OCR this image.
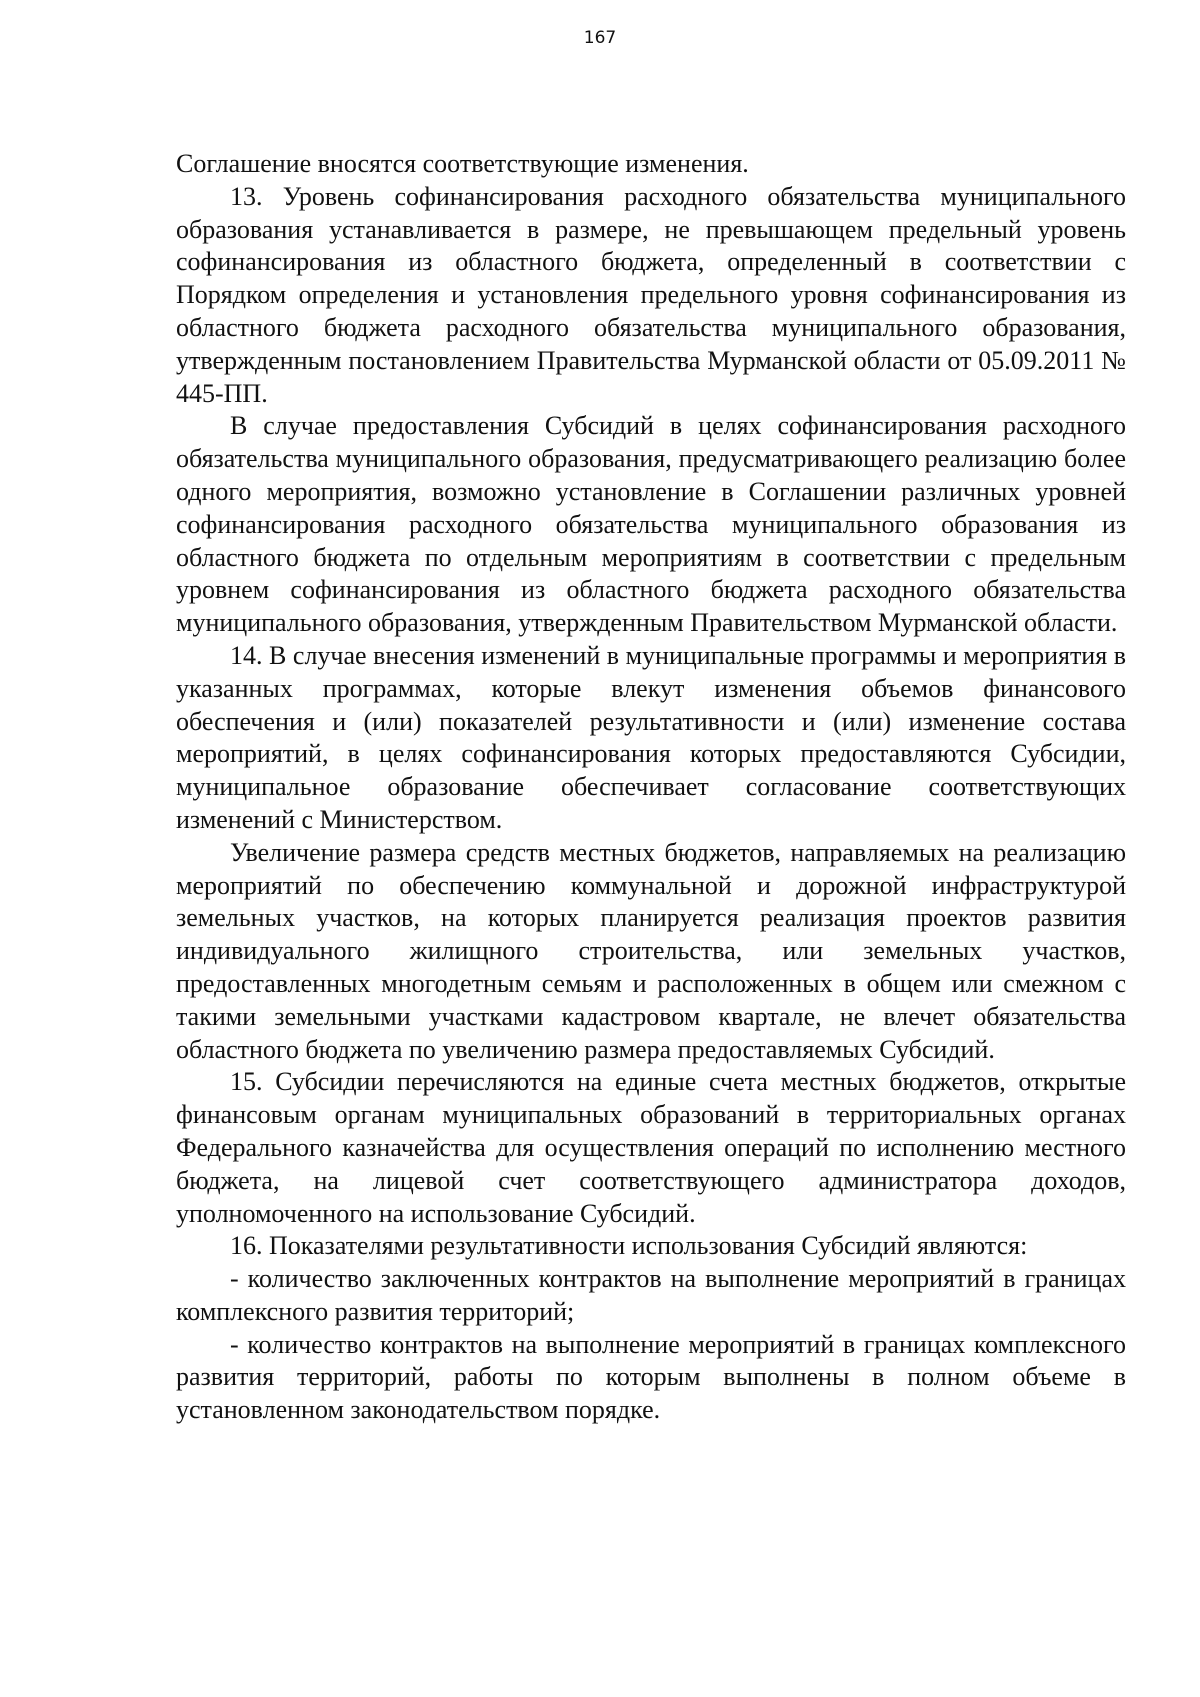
167

Соглашение вносятся соответствующие изменения.

13. Уровень софинансирования расходного обязательства муниципального образования устанавливается в размере, не превышающем предельный уровень софинансирования из областного бюджета, определенный в соответствии с Порядком определения и установления предельного уровня софинансирования из областного бюджета расходного обязательства муниципального образования, утвержденным постановлением Правительства Мурманской области от 05.09.2011 № 445-ПП.

В случае предоставления Субсидий в целях софинансирования расходного обязательства муниципального образования, предусматривающего реализацию более одного мероприятия, возможно установление в Соглашении различных уровней софинансирования расходного обязательства муниципального образования из областного бюджета по отдельным мероприятиям в соответствии с предельным уровнем софинансирования из областного бюджета расходного обязательства муниципального образования, утвержденным Правительством Мурманской области.

14. В случае внесения изменений в муниципальные программы и мероприятия в указанных программах, которые влекут изменения объемов финансового обеспечения и (или) показателей результативности и (или) изменение состава мероприятий, в целях софинансирования которых предоставляются Субсидии, муниципальное образование обеспечивает согласование соответствующих изменений с Министерством.

Увеличение размера средств местных бюджетов, направляемых на реализацию мероприятий по обеспечению коммунальной и дорожной инфраструктурой земельных участков, на которых планируется реализация проектов развития индивидуального жилищного строительства, или земельных участков, предоставленных многодетным семьям и расположенных в общем или смежном с такими земельными участками кадастровом квартале, не влечет обязательства областного бюджета по увеличению размера предоставляемых Субсидий.

15. Субсидии перечисляются на единые счета местных бюджетов, открытые финансовым органам муниципальных образований в территориальных органах Федерального казначейства для осуществления операций по исполнению местного бюджета, на лицевой счет соответствующего администратора доходов, уполномоченного на использование Субсидий.

16. Показателями результативности использования Субсидий являются:

- количество заключенных контрактов на выполнение мероприятий в границах комплексного развития территорий;

- количество контрактов на выполнение мероприятий в границах комплексного развития территорий, работы по которым выполнены в полном объеме в установленном законодательством порядке.
